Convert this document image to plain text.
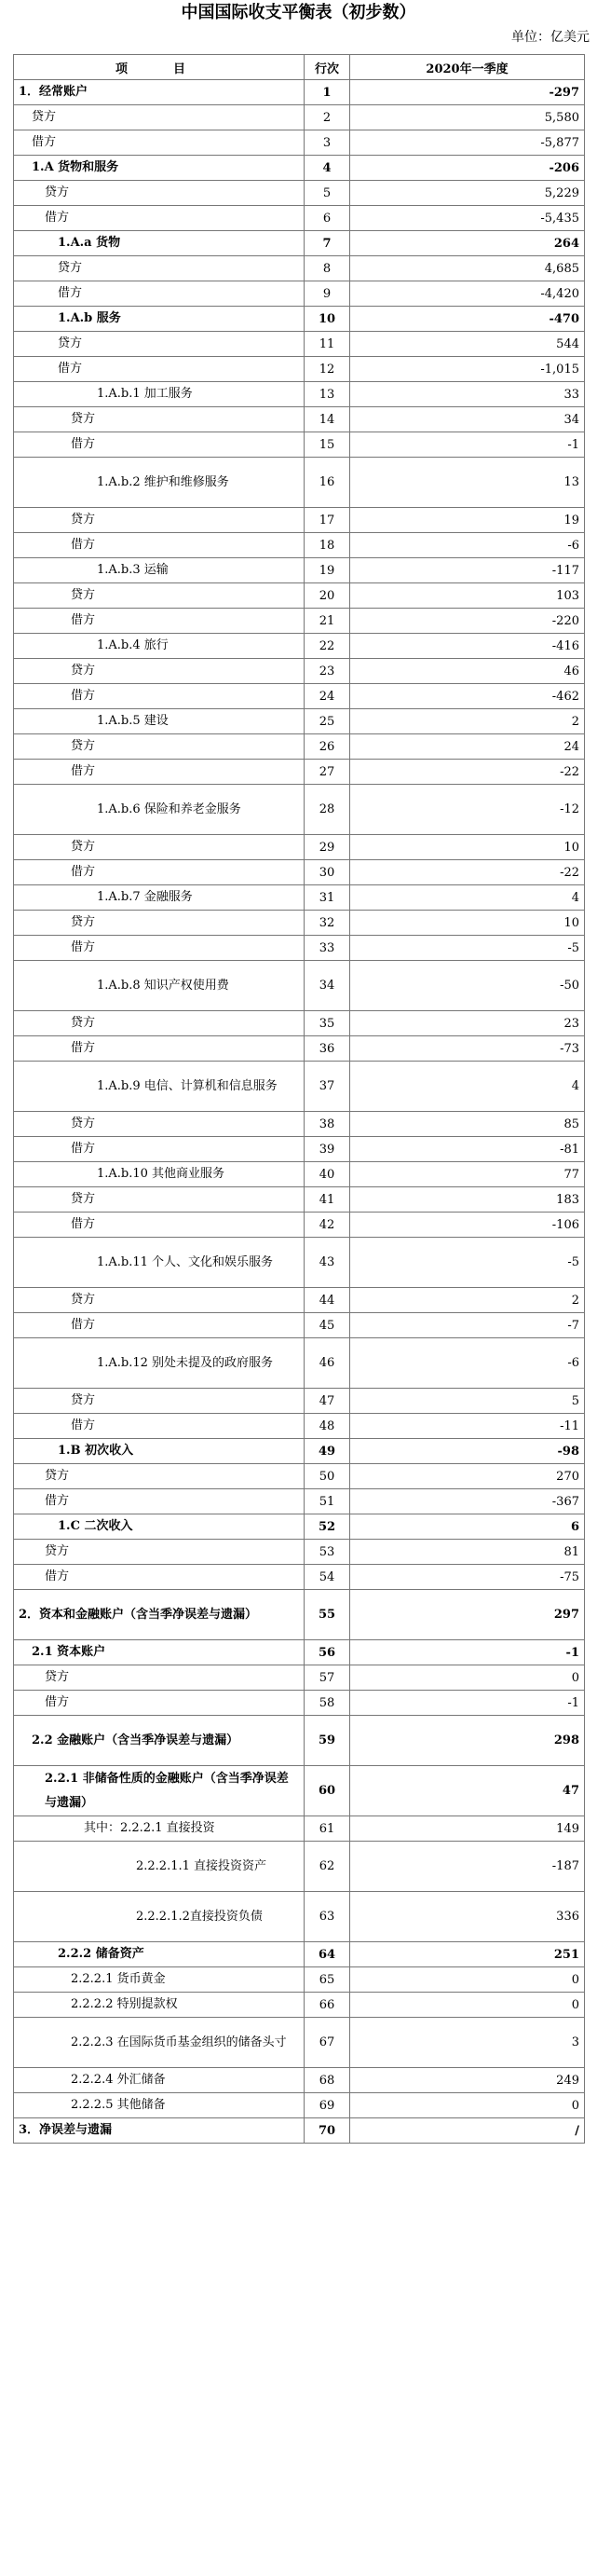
中国国际收支平衡表（初步数）
单位：亿美元
项　目	行次	2020年一季度
1．经常账户	1	-297
贷方	2	5,580
借方	3	-5,877
1.A 货物和服务	4	-206
贷方	5	5,229
借方	6	-5,435
1.A.a 货物	7	264
贷方	8	4,685
借方	9	-4,420
1.A.b 服务	10	-470
贷方	11	544
借方	12	-1,015
1.A.b.1 加工服务	13	33
贷方	14	34
借方	15	-1
1.A.b.2 维护和维修服务	16	13
贷方	17	19
借方	18	-6
1.A.b.3 运输	19	-117
贷方	20	103
借方	21	-220
1.A.b.4 旅行	22	-416
贷方	23	46
借方	24	-462
1.A.b.5 建设	25	2
贷方	26	24
借方	27	-22
1.A.b.6 保险和养老金服务	28	-12
贷方	29	10
借方	30	-22
1.A.b.7 金融服务	31	4
贷方	32	10
借方	33	-5
1.A.b.8 知识产权使用费	34	-50
贷方	35	23
借方	36	-73
1.A.b.9 电信、计算机和信息服务	37	4
贷方	38	85
借方	39	-81
1.A.b.10 其他商业服务	40	77
贷方	41	183
借方	42	-106
1.A.b.11 个人、文化和娱乐服务	43	-5
贷方	44	2
借方	45	-7
1.A.b.12 别处未提及的政府服务	46	-6
贷方	47	5
借方	48	-11
1.B 初次收入	49	-98
贷方	50	270
借方	51	-367
1.C 二次收入	52	6
贷方	53	81
借方	54	-75
2．资本和金融账户（含当季净误差与遗漏）	55	297
2.1 资本账户	56	-1
贷方	57	0
借方	58	-1
2.2 金融账户（含当季净误差与遗漏）	59	298
2.2.1 非储备性质的金融账户（含当季净误差与遗漏）	60	47
其中：2.2.2.1 直接投资	61	149
2.2.2.1.1 直接投资资产	62	-187
2.2.2.1.2直接投资负债	63	336
2.2.2 储备资产	64	251
2.2.2.1 货币黄金	65	0
2.2.2.2 特别提款权	66	0
2.2.2.3 在国际货币基金组织的储备头寸	67	3
2.2.2.4 外汇储备	68	249
2.2.2.5 其他储备	69	0
3．净误差与遗漏	70	/
